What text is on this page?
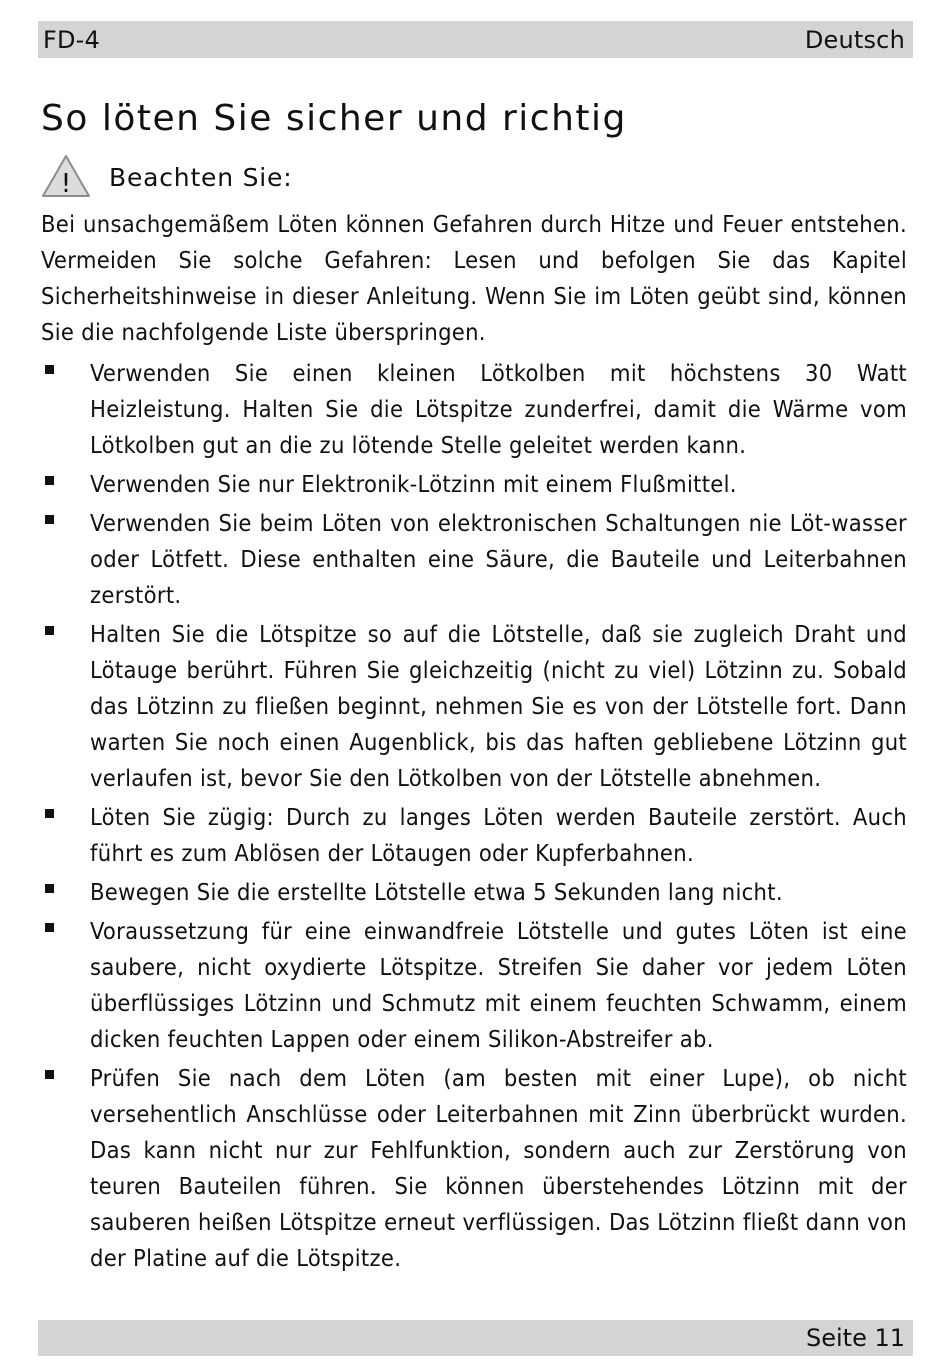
FD-4	Deutsch
So löten Sie sicher und richtig
! Beachten Sie:

Bei unsachgemäßem Löten können Gefahren durch Hitze und Feuer entstehen. Vermeiden Sie solche Gefahren: Lesen und befolgen Sie das Kapitel Sicherheitshinweise in dieser Anleitung. Wenn Sie im Löten geübt sind, können Sie die nachfolgende Liste überspringen.

Verwenden Sie einen kleinen Lötkolben mit höchstens 30 Watt Heizleistung. Halten Sie die Lötspitze zunderfrei, damit die Wärme vom Lötkolben gut an die zu lötende Stelle geleitet werden kann.
Verwenden Sie nur Elektronik-Lötzinn mit einem Flußmittel.
Verwenden Sie beim Löten von elektronischen Schaltungen nie Löt-wasser oder Lötfett. Diese enthalten eine Säure, die Bauteile und Leiterbahnen zerstört.
Halten Sie die Lötspitze so auf die Lötstelle, daß sie zugleich Draht und Lötauge berührt. Führen Sie gleichzeitig (nicht zu viel) Lötzinn zu. Sobald das Lötzinn zu fließen beginnt, nehmen Sie es von der Lötstelle fort. Dann warten Sie noch einen Augenblick, bis das haften gebliebene Lötzinn gut verlaufen ist, bevor Sie den Lötkolben von der Lötstelle abnehmen.
Löten Sie zügig: Durch zu langes Löten werden Bauteile zerstört. Auch führt es zum Ablösen der Lötaugen oder Kupferbahnen.
Bewegen Sie die erstellte Lötstelle etwa 5 Sekunden lang nicht.
Voraussetzung für eine einwandfreie Lötstelle und gutes Löten ist eine saubere, nicht oxydierte Lötspitze. Streifen Sie daher vor jedem Löten überflüssiges Lötzinn und Schmutz mit einem feuchten Schwamm, einem dicken feuchten Lappen oder einem Silikon-Abstreifer ab.
Prüfen Sie nach dem Löten (am besten mit einer Lupe), ob nicht versehentlich Anschlüsse oder Leiterbahnen mit Zinn überbrückt wurden. Das kann nicht nur zur Fehlfunktion, sondern auch zur Zerstörung von teuren Bauteilen führen. Sie können überstehendes Lötzinn mit der sauberen heißen Lötspitze erneut verflüssigen. Das Lötzinn fließt dann von der Platine auf die Lötspitze.
Seite 11
